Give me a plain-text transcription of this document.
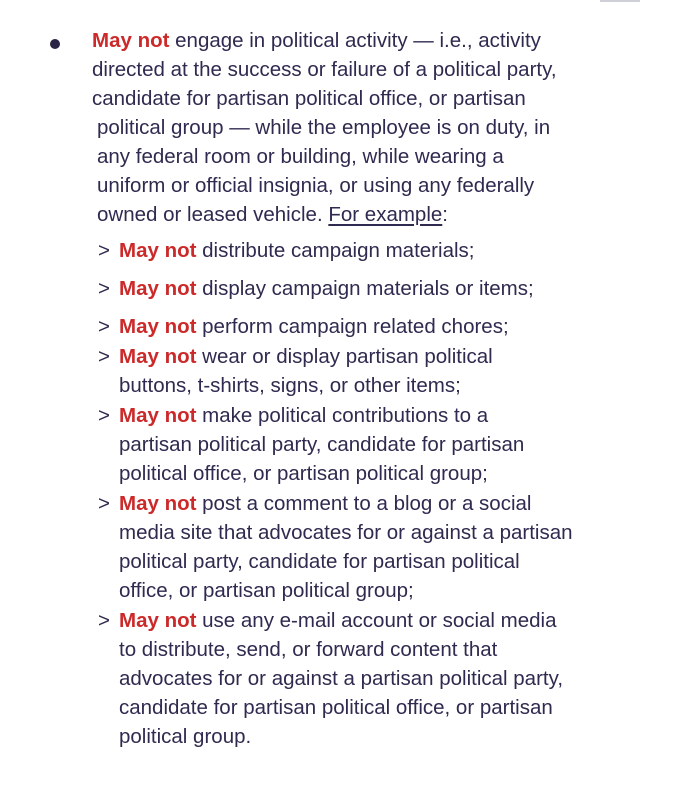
May not engage in political activity — i.e., activity
directed at the success or failure of a political party,
candidate for partisan political office, or partisan
political group — while the employee is on duty, in
any federal room or building, while wearing a
uniform or official insignia, or using any federally
owned or leased vehicle. For example:
> May not distribute campaign materials;
> May not display campaign materials or items;
> May not perform campaign related chores;
> May not wear or display partisan political
buttons, t-shirts, signs, or other items;
> May not make political contributions to a
partisan political party, candidate for partisan
political office, or partisan political group;
> May not post a comment to a blog or a social
media site that advocates for or against a partisan
political party, candidate for partisan political
office, or partisan political group;
> May not use any e-mail account or social media
to distribute, send, or forward content that
advocates for or against a partisan political party,
candidate for partisan political office, or partisan
political group.
